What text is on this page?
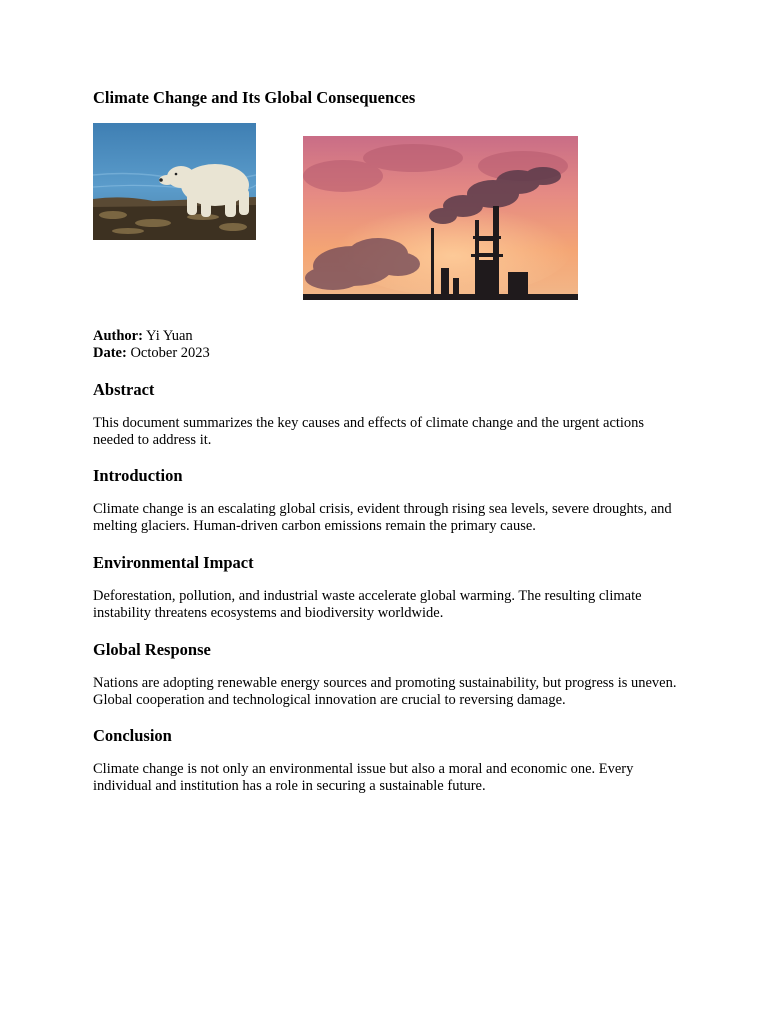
Climate Change and Its Global Consequences
Author: Yi Yuan
Date: October 2023
Abstract

This document summarizes the key causes and effects of climate change and the urgent actions needed to address it.

Introduction

Climate change is an escalating global crisis, evident through rising sea levels, severe droughts, and melting glaciers. Human-driven carbon emissions remain the primary cause.

Environmental Impact

Deforestation, pollution, and industrial waste accelerate global warming. The resulting climate instability threatens ecosystems and biodiversity worldwide.

Global Response

Nations are adopting renewable energy sources and promoting sustainability, but progress is uneven. Global cooperation and technological innovation are crucial to reversing damage.

Conclusion

Climate change is not only an environmental issue but also a moral and economic one. Every individual and institution has a role in securing a sustainable future.
